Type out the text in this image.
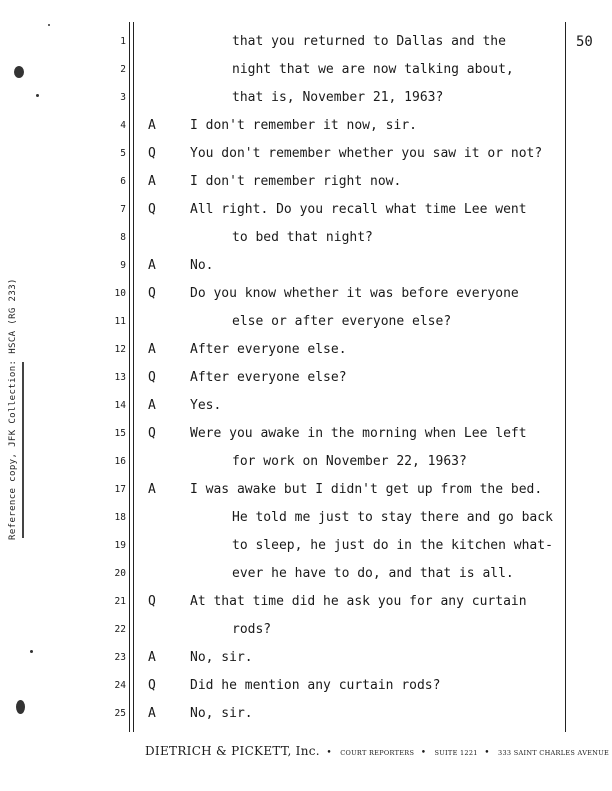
50
Reference copy, JFK Collection: HSCA (RG 233)
1
2
3
4
5
6
7
8
9
10
11
12
13
14
15
16
17
18
19
20
21
22
23
24
25
that you returned to Dallas and the
night that we are now talking about,
that is, November 21, 1963?
A	I don't remember it now, sir.
Q	You don't remember whether you saw it or not?
A	I don't remember right now.
Q	All right. Do you recall what time Lee went
to bed that night?
A	No.
Q	Do you know whether it was before everyone
else or after everyone else?
A	After everyone else.
Q	After everyone else?
A	Yes.
Q	Were you awake in the morning when Lee left
for work on November 22, 1963?
A	I was awake but I didn't get up from the bed.
He told me just to stay there and go back
to sleep, he just do in the kitchen what-
ever he have to do, and that is all.
Q	At that time did he ask you for any curtain
rods?
A	No, sir.
Q	Did he mention any curtain rods?
A	No, sir.
DIETRICH & PICKETT, Inc. • COURT REPORTERS • SUITE 1221 • 333 SAINT CHARLES AVENUE
